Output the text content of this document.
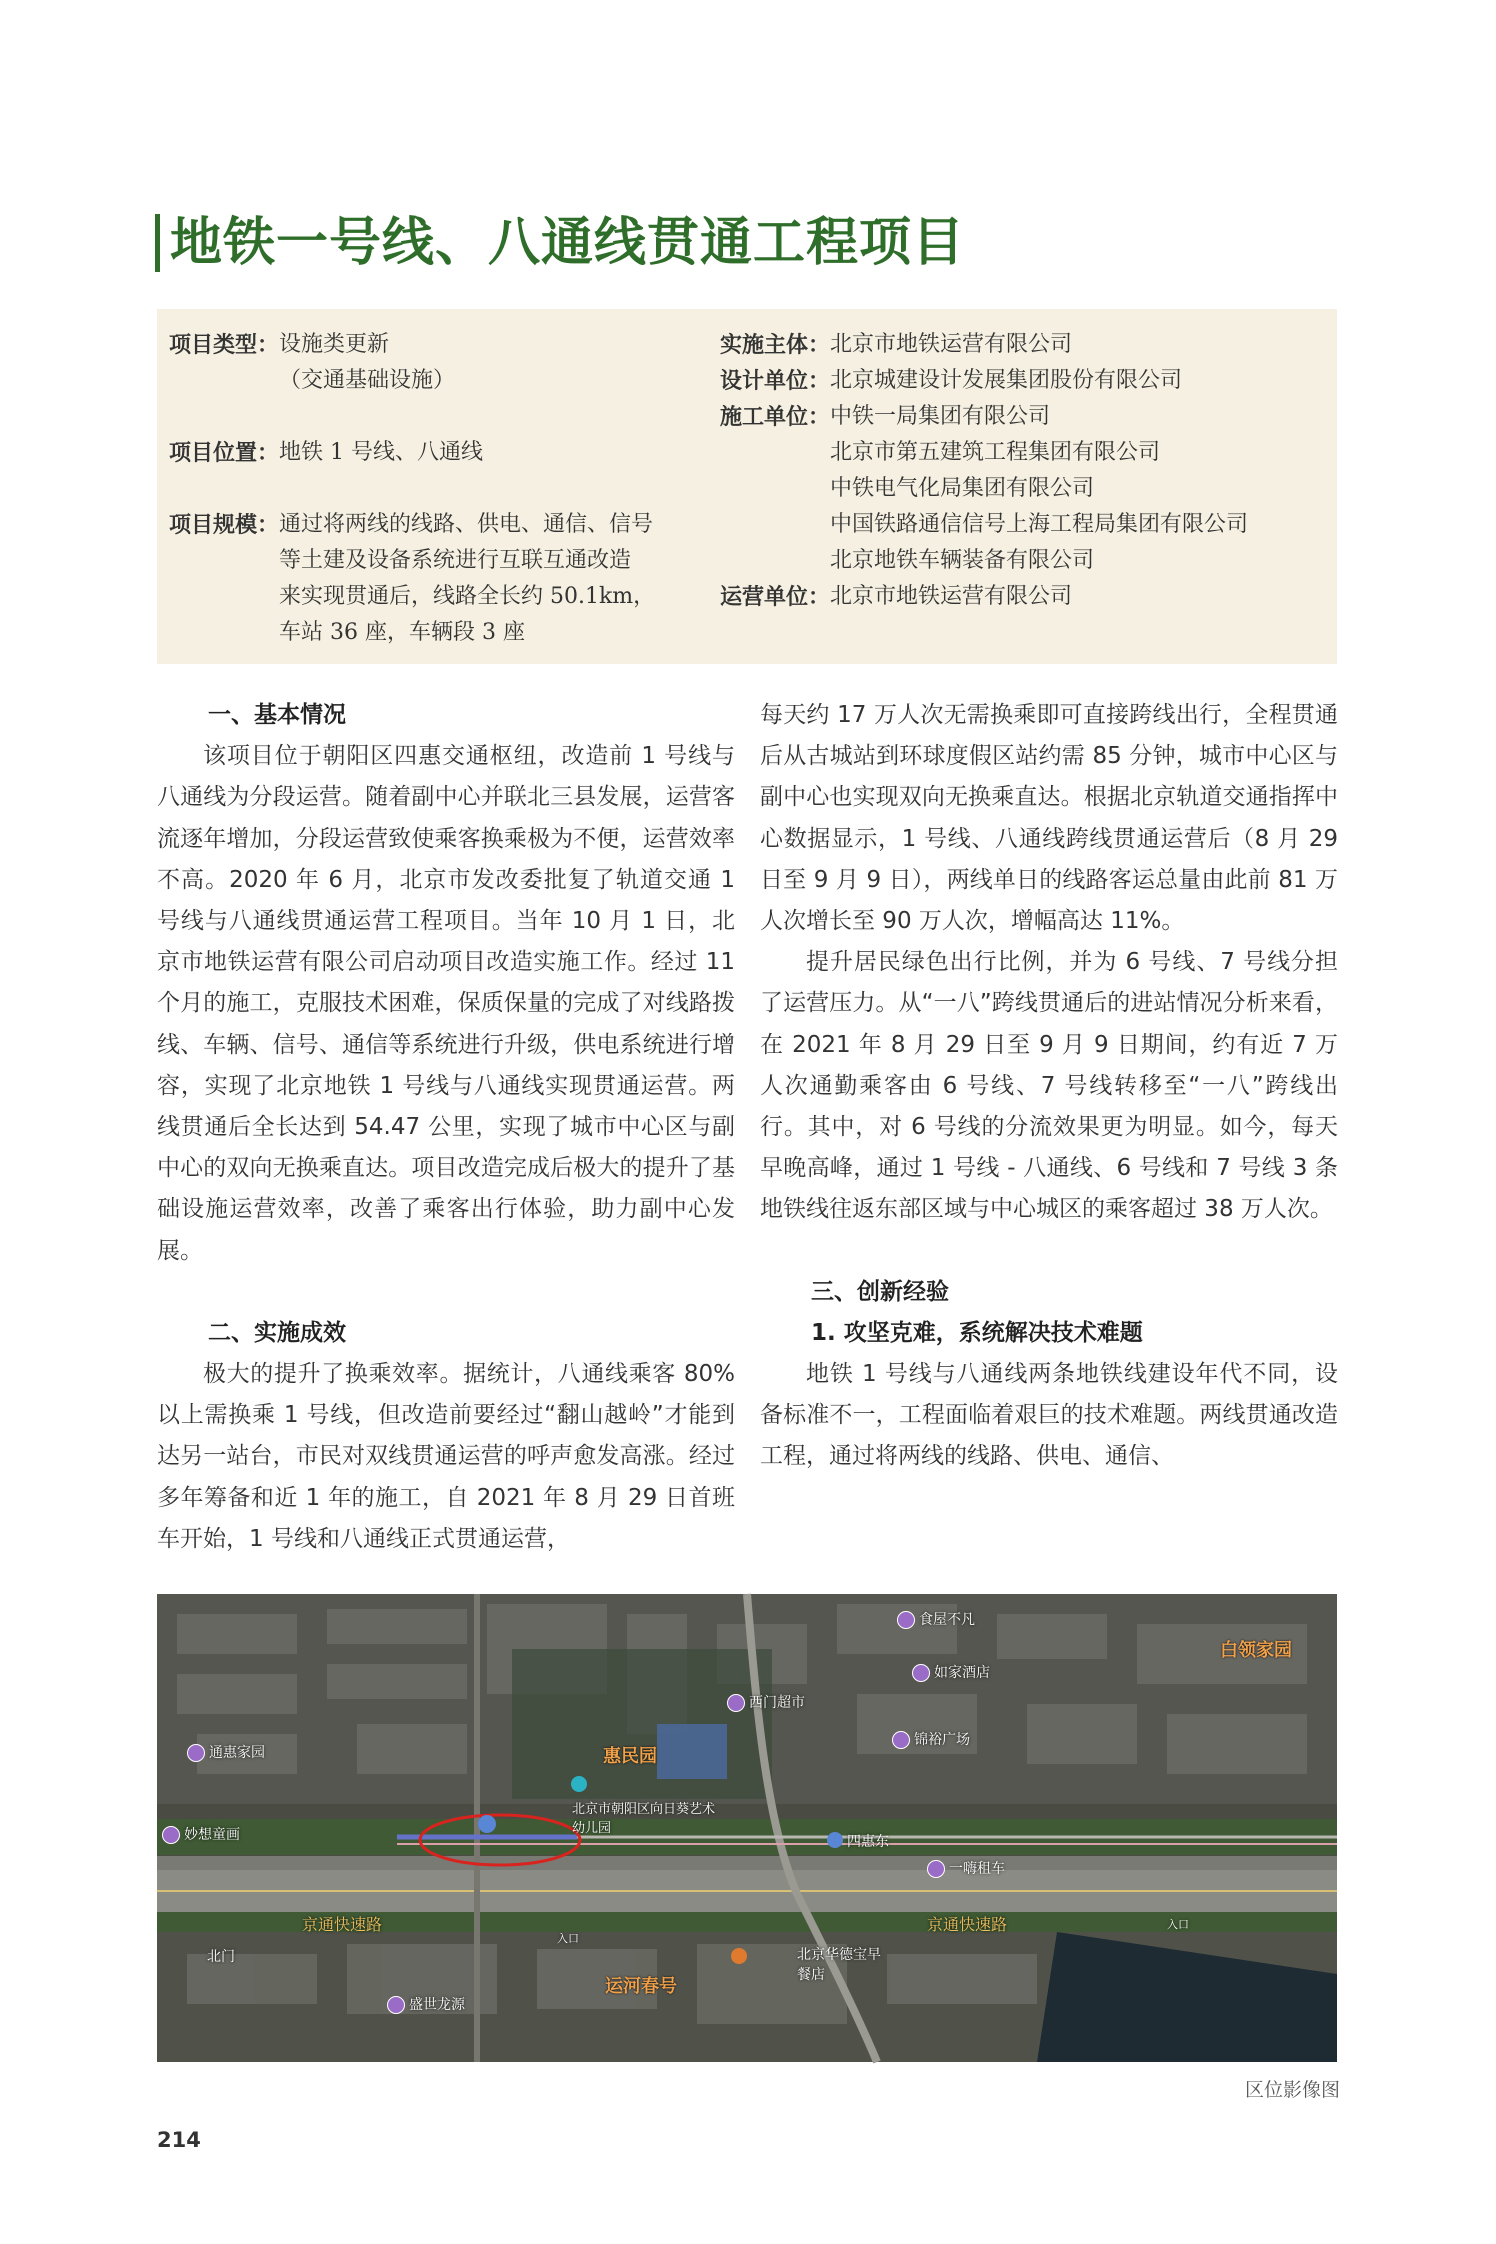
地铁一号线、八通线贯通工程项目
项目类型： 设施类更新
（交通基础设施）
项目位置： 地铁 1 号线、八通线
项目规模： 通过将两线的线路、供电、通信、信号
等土建及设备系统进行互联互通改造
来实现贯通后，线路全长约 50.1km，
车站 36 座，车辆段 3 座
实施主体： 北京市地铁运营有限公司
设计单位： 北京城建设计发展集团股份有限公司
施工单位： 中铁一局集团有限公司
北京市第五建筑工程集团有限公司
中铁电气化局集团有限公司
中国铁路通信信号上海工程局集团有限公司
北京地铁车辆装备有限公司
运营单位： 北京市地铁运营有限公司
一、基本情况

该项目位于朝阳区四惠交通枢纽，改造前 1 号线与八通线为分段运营。随着副中心并联北三县发展，运营客流逐年增加，分段运营致使乘客换乘极为不便，运营效率不高。2020 年 6 月，北京市发改委批复了轨道交通 1 号线与八通线贯通运营工程项目。当年 10 月 1 日，北京市地铁运营有限公司启动项目改造实施工作。经过 11 个月的施工，克服技术困难，保质保量的完成了对线路拨线、车辆、信号、通信等系统进行升级，供电系统进行增容，实现了北京地铁 1 号线与八通线实现贯通运营。两线贯通后全长达到 54.47 公里，实现了城市中心区与副中心的双向无换乘直达。项目改造完成后极大的提升了基础设施运营效率，改善了乘客出行体验，助力副中心发展。

二、实施成效

极大的提升了换乘效率。据统计，八通线乘客 80% 以上需换乘 1 号线，但改造前要经过“翻山越岭”才能到达另一站台，市民对双线贯通运营的呼声愈发高涨。经过多年筹备和近 1 年的施工，自 2021 年 8 月 29 日首班车开始，1 号线和八通线正式贯通运营，

每天约 17 万人次无需换乘即可直接跨线出行，全程贯通后从古城站到环球度假区站约需 85 分钟，城市中心区与副中心也实现双向无换乘直达。根据北京轨道交通指挥中心数据显示，1 号线、八通线跨线贯通运营后（8 月 29 日至 9 月 9 日），两线单日的线路客运总量由此前 81 万人次增长至 90 万人次，增幅高达 11%。

提升居民绿色出行比例，并为 6 号线、7 号线分担了运营压力。从“一八”跨线贯通后的进站情况分析来看，在 2021 年 8 月 29 日至 9 月 9 日期间，约有近 7 万人次通勤乘客由 6 号线、7 号线转移至“一八”跨线出行。其中，对 6 号线的分流效果更为明显。如今，每天早晚高峰，通过 1 号线 - 八通线、6 号线和 7 号线 3 条地铁线往返东部区域与中心城区的乘客超过 38 万人次。

三、创新经验
1. 攻坚克难，系统解决技术难题

地铁 1 号线与八通线两条地铁线建设年代不同，设备标准不一，工程面临着艰巨的技术难题。两线贯通改造工程，通过将两线的线路、供电、通信、

白领家园
惠民园
运河春号
京通快速路	京通快速路
通惠家园
西门超市
如家酒店
食屋不凡
锦裕广场
北京市朝阳区向日葵艺术幼儿园
四惠东
一嗨租车
北京华德宝早餐店
盛世龙源
北门
妙想童画
入口
入口
区位影像图
214
